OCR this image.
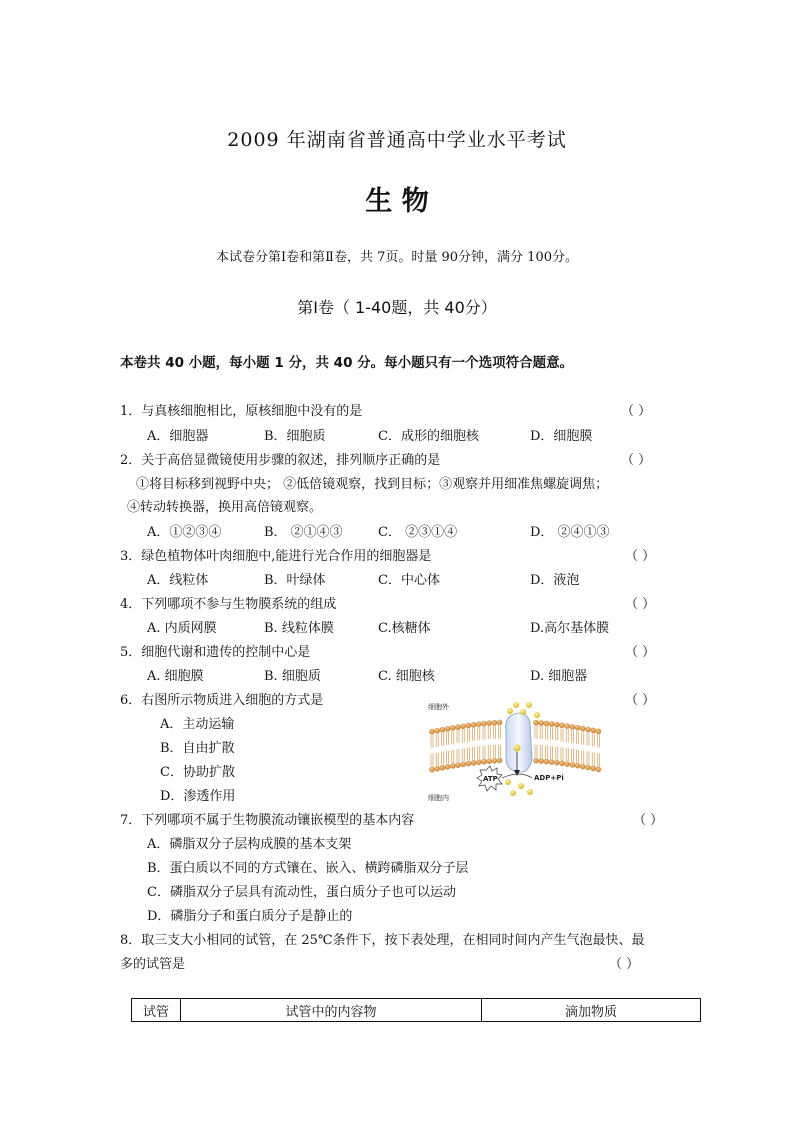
2009 年湖南省普通高中学业水平考试
生 物
本试卷分第Ⅰ卷和第Ⅱ卷，共 7页。时量 90分钟，满分 100分。
第Ⅰ卷（ 1-40题，共 40分）
本卷共 40 小题，每小题 1 分，共 40 分。每小题只有一个选项符合题意。
1．与真核细胞相比，原核细胞中没有的是	（ ）
A．细胞器	B．细胞质	C．成形的细胞核	D．细胞膜
2．关于高倍显微镜使用步骤的叙述，排列顺序正确的是	（ ）
①将目标移到视野中央； ②低倍镜观察，找到目标；③观察并用细准焦螺旋调焦；
④转动转换器，换用高倍镜观察。
A．①②③④	B． ②①④③	C． ②③①④	D． ②④①③
3．绿色植物体叶肉细胞中,能进行光合作用的细胞器是	（ ）
A．线粒体	B．叶绿体	C．中心体	D．液泡
4．下列哪项不参与生物膜系统的组成	（ ）
A. 内质网膜	B. 线粒体膜	C.核糖体	D.高尔基体膜
5．细胞代谢和遗传的控制中心是	（ ）
A. 细胞膜	B. 细胞质	C. 细胞核	D. 细胞器
6．右图所示物质进入细胞的方式是	（ ）
A．主动运输
B．自由扩散
C．协助扩散
D．渗透作用
ATP	ADP+Pi
细胞外
细胞内
7．下列哪项不属于生物膜流动镶嵌模型的基本内容	（ ）
A．磷脂双分子层构成膜的基本支架
B．蛋白质以不同的方式镶在、嵌入、横跨磷脂双分子层
C．磷脂双分子层具有流动性，蛋白质分子也可以运动
D．磷脂分子和蛋白质分子是静止的
8．取三支大小相同的试管，在 25℃条件下，按下表处理，在相同时间内产生气泡最快、最
多的试管是	（ ）
试管	试管中的内容物	滴加物质
